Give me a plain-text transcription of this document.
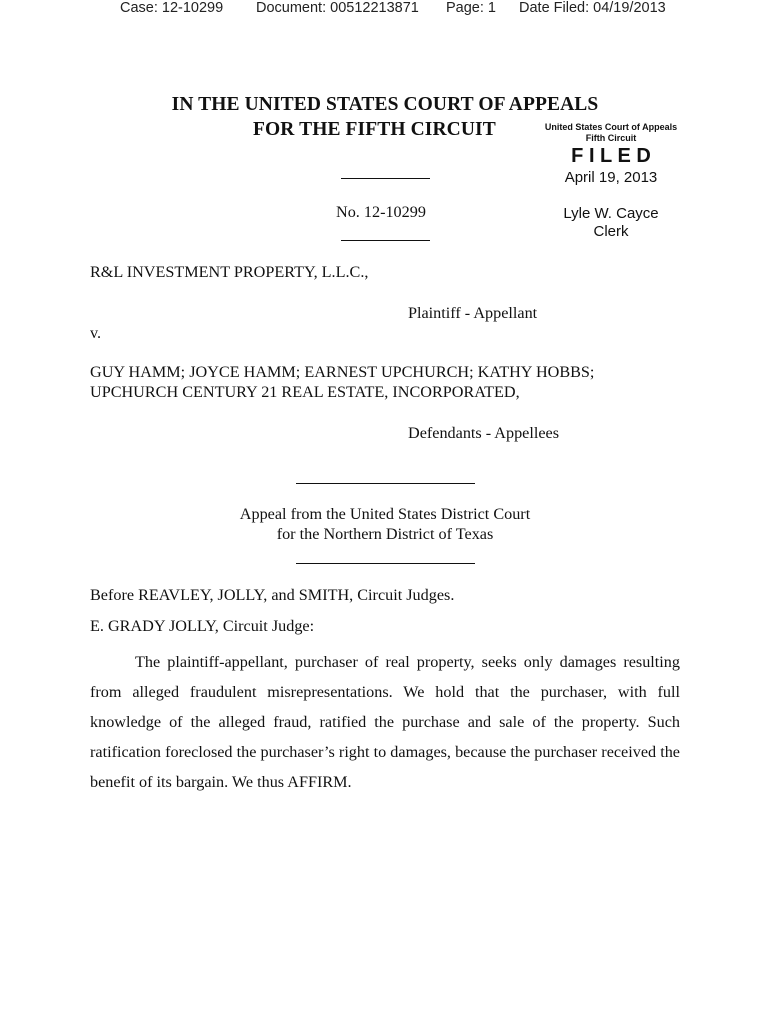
Case: 12-10299 Document: 00512213871 Page: 1 Date Filed: 04/19/2013
IN THE UNITED STATES COURT OF APPEALS
FOR THE FIFTH CIRCUIT	United States Court of Appeals
Fifth Circuit
F I L E D
April 19, 2013
Lyle W. Cayce
Clerk
No. 12-10299
R&L INVESTMENT PROPERTY, L.L.C.,
Plaintiff - Appellant
v.
GUY HAMM; JOYCE HAMM; EARNEST UPCHURCH; KATHY HOBBS;
UPCHURCH CENTURY 21 REAL ESTATE, INCORPORATED,
Defendants - Appellees
Appeal from the United States District Court
for the Northern District of Texas
Before REAVLEY, JOLLY, and SMITH, Circuit Judges.
E. GRADY JOLLY, Circuit Judge:
The plaintiff-appellant, purchaser of real property, seeks only damages resulting from alleged fraudulent misrepresentations. We hold that the purchaser, with full knowledge of the alleged fraud, ratified the purchase and sale of the property. Such ratification foreclosed the purchaser’s right to damages, because the purchaser received the benefit of its bargain. We thus AFFIRM.
